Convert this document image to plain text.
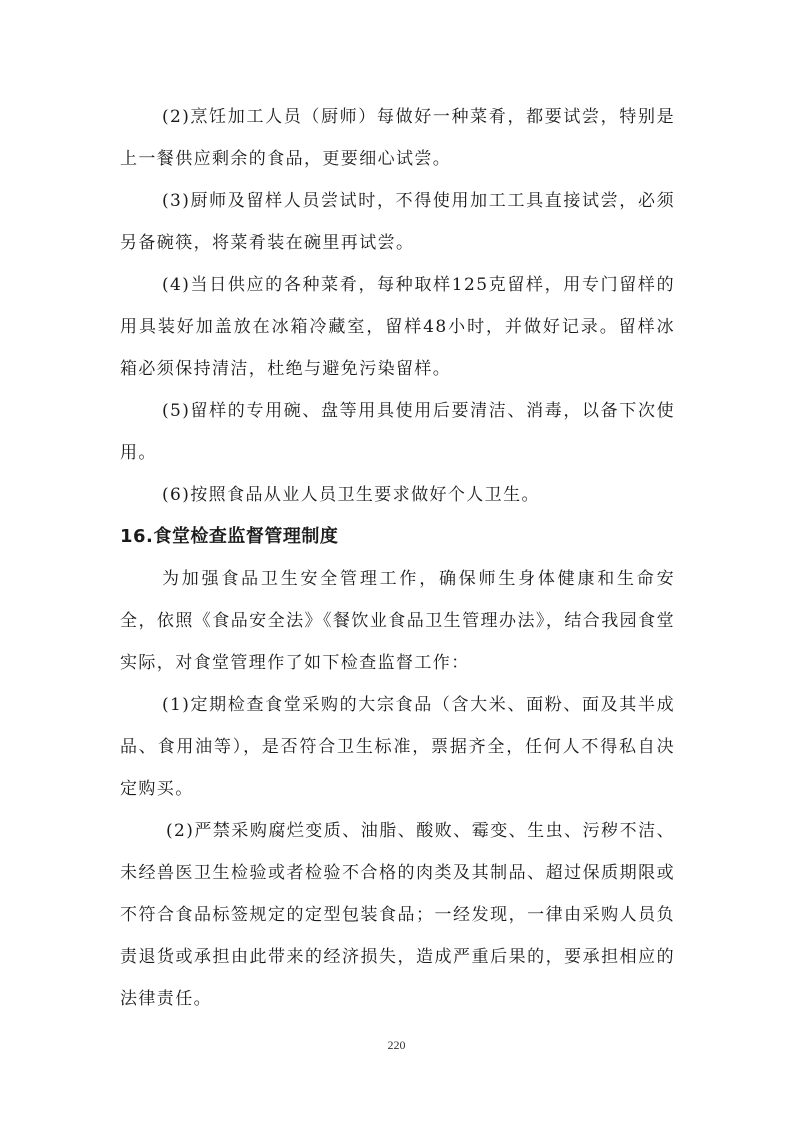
(2)烹饪加工人员（厨师）每做好一种菜肴，都要试尝，特别是上一餐供应剩余的食品，更要细心试尝。

(3)厨师及留样人员尝试时，不得使用加工工具直接试尝，必须另备碗筷，将菜肴装在碗里再试尝。

(4)当日供应的各种菜肴，每种取样125克留样，用专门留样的用具装好加盖放在冰箱冷藏室，留样48小时，并做好记录。留样冰箱必须保持清洁，杜绝与避免污染留样。

(5)留样的专用碗、盘等用具使用后要清洁、消毒，以备下次使用。

(6)按照食品从业人员卫生要求做好个人卫生。

16.食堂检查监督管理制度

为加强食品卫生安全管理工作，确保师生身体健康和生命安全，依照《食品安全法》《餐饮业食品卫生管理办法》，结合我园食堂实际，对食堂管理作了如下检查监督工作：

(1)定期检查食堂采购的大宗食品（含大米、面粉、面及其半成品、食用油等），是否符合卫生标准，票据齐全，任何人不得私自决定购买。

(2)严禁采购腐烂变质、油脂、酸败、霉变、生虫、污秽不洁、未经兽医卫生检验或者检验不合格的肉类及其制品、超过保质期限或不符合食品标签规定的定型包装食品；一经发现，一律由采购人员负责退货或承担由此带来的经济损失，造成严重后果的，要承担相应的法律责任。

220
